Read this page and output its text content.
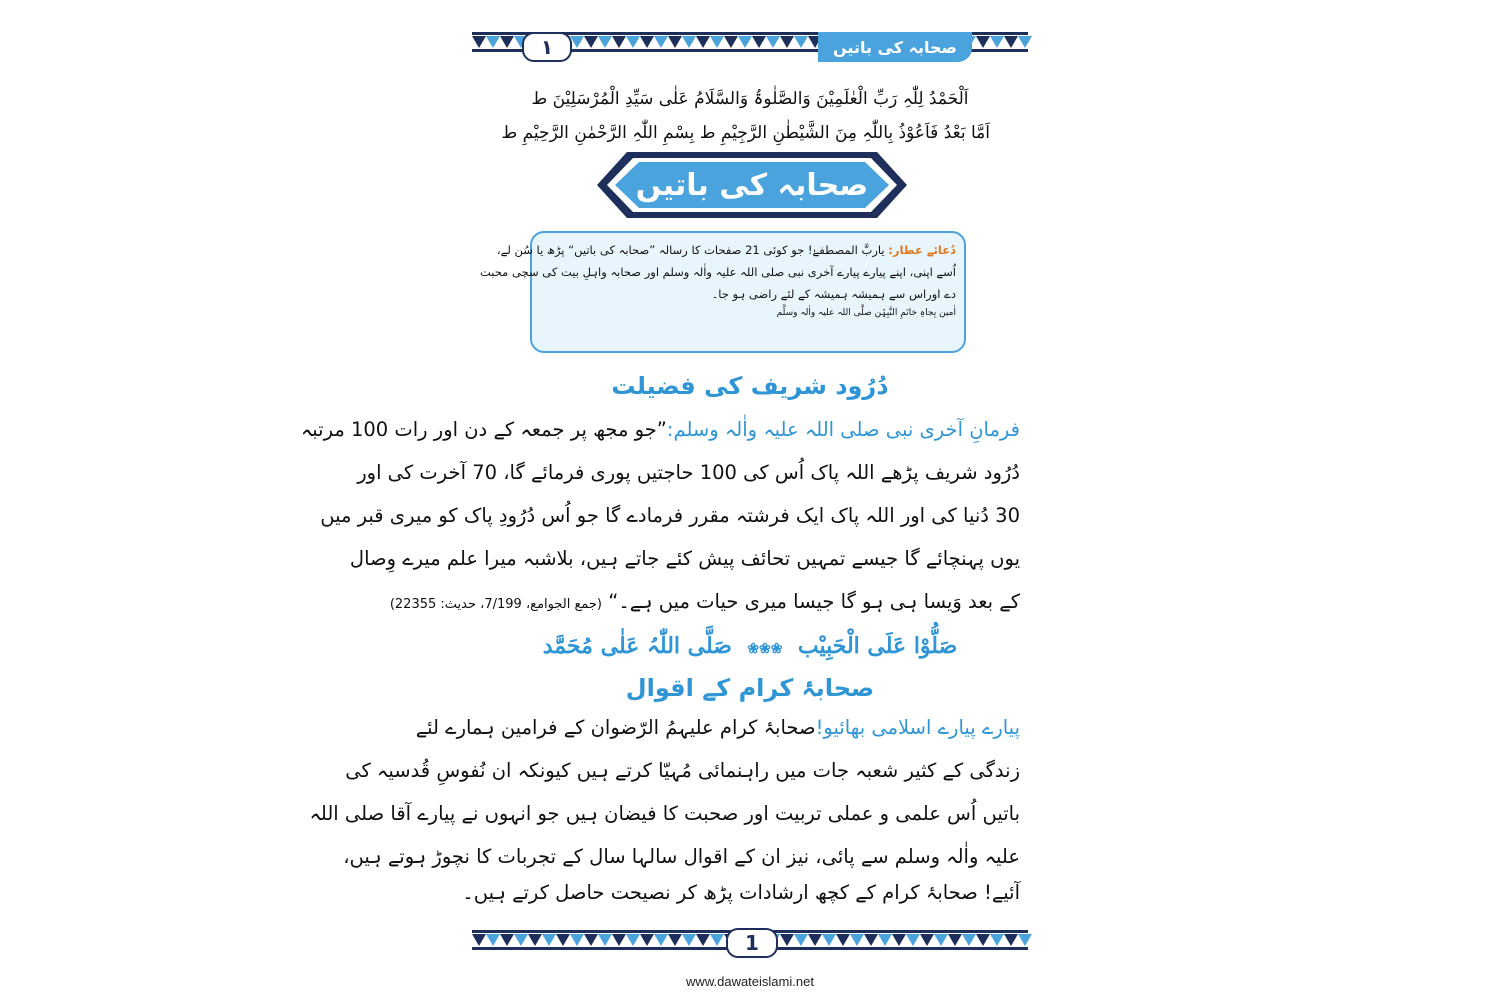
۱	صحابہ کی باتیں
اَلْحَمْدُ لِلّٰہِ رَبِّ الْعٰلَمِیْنَ وَالصَّلٰوۃُ وَالسَّلَامُ عَلٰی سَیِّدِ الْمُرْسَلِیْنَ ط
اَمَّا بَعْدُ فَاَعُوْذُ بِاللّٰہِ مِنَ الشَّیْطٰنِ الرَّجِیْمِ ط بِسْمِ اللّٰہِ الرَّحْمٰنِ الرَّحِیْمِ ط
صحابہ کی باتیں
دُعائے عطار: یاربَّ المصطفےٰ! جو کوئی 21 صفحات کا رسالہ ”صحابہ کی باتیں“ پڑھ یا سُن لے،
اُسے اپنی، اپنے پیارے پیارے آخری نبی صلی اللہ علیہ واٰلہ وسلم اور صحابہ واہلِ بیت کی سچی محبت
دے اوراس سے ہمیشہ ہمیشہ کے لئے راضی ہو جا۔
اٰمین بِجاہِ خاتَمِ النَّبِیّٖن صلَّی اللہ علیہ واٰلہ وسلَّم
دُرُود شریف کی فضیلت
فرمانِ آخری نبی صلی اللہ علیہ واٰلہ وسلم:”جو مجھ پر جمعہ کے دن اور رات 100 مرتبہ
دُرُود شریف پڑھے اللہ پاک اُس کی 100 حاجتیں پوری فرمائے گا، 70 آخرت کی اور
30 دُنیا کی اور اللہ پاک ایک فرشتہ مقرر فرمادے گا جو اُس دُرُودِ پاک کو میری قبر میں
یوں پہنچائے گا جیسے تمہیں تحائف پیش کئے جاتے ہیں، بلاشبہ میرا علم میرے وِصال
کے بعد وَیسا ہی ہو گا جیسا میری حیات میں ہے۔“ (جمع الجوامع، 7/199، حدیث: 22355)
صَلُّوْا عَلَی الْحَبِیْب  ❀❀❀  صَلَّی اللّٰہُ عَلٰی مُحَمَّد
صحابۂ کرام کے اقوال
پیارے پیارے اسلامی بھائیو!صحابۂ کرام علیہمُ الرّضوان کے فرامین ہمارے لئے
زندگی کے کثیر شعبہ جات میں راہنمائی مُہیّا کرتے ہیں کیونکہ ان نُفوسِ قُدسیہ کی
باتیں اُس علمی و عملی تربیت اور صحبت کا فیضان ہیں جو انہوں نے پیارے آقا صلی اللہ
علیہ واٰلہ وسلم سے پائی، نیز ان کے اقوال سالہا سال کے تجربات کا نچوڑ ہوتے ہیں،
آئیے! صحابۂ کرام کے کچھ ارشادات پڑھ کر نصیحت حاصل کرتے ہیں۔
1
www.dawateislami.net
